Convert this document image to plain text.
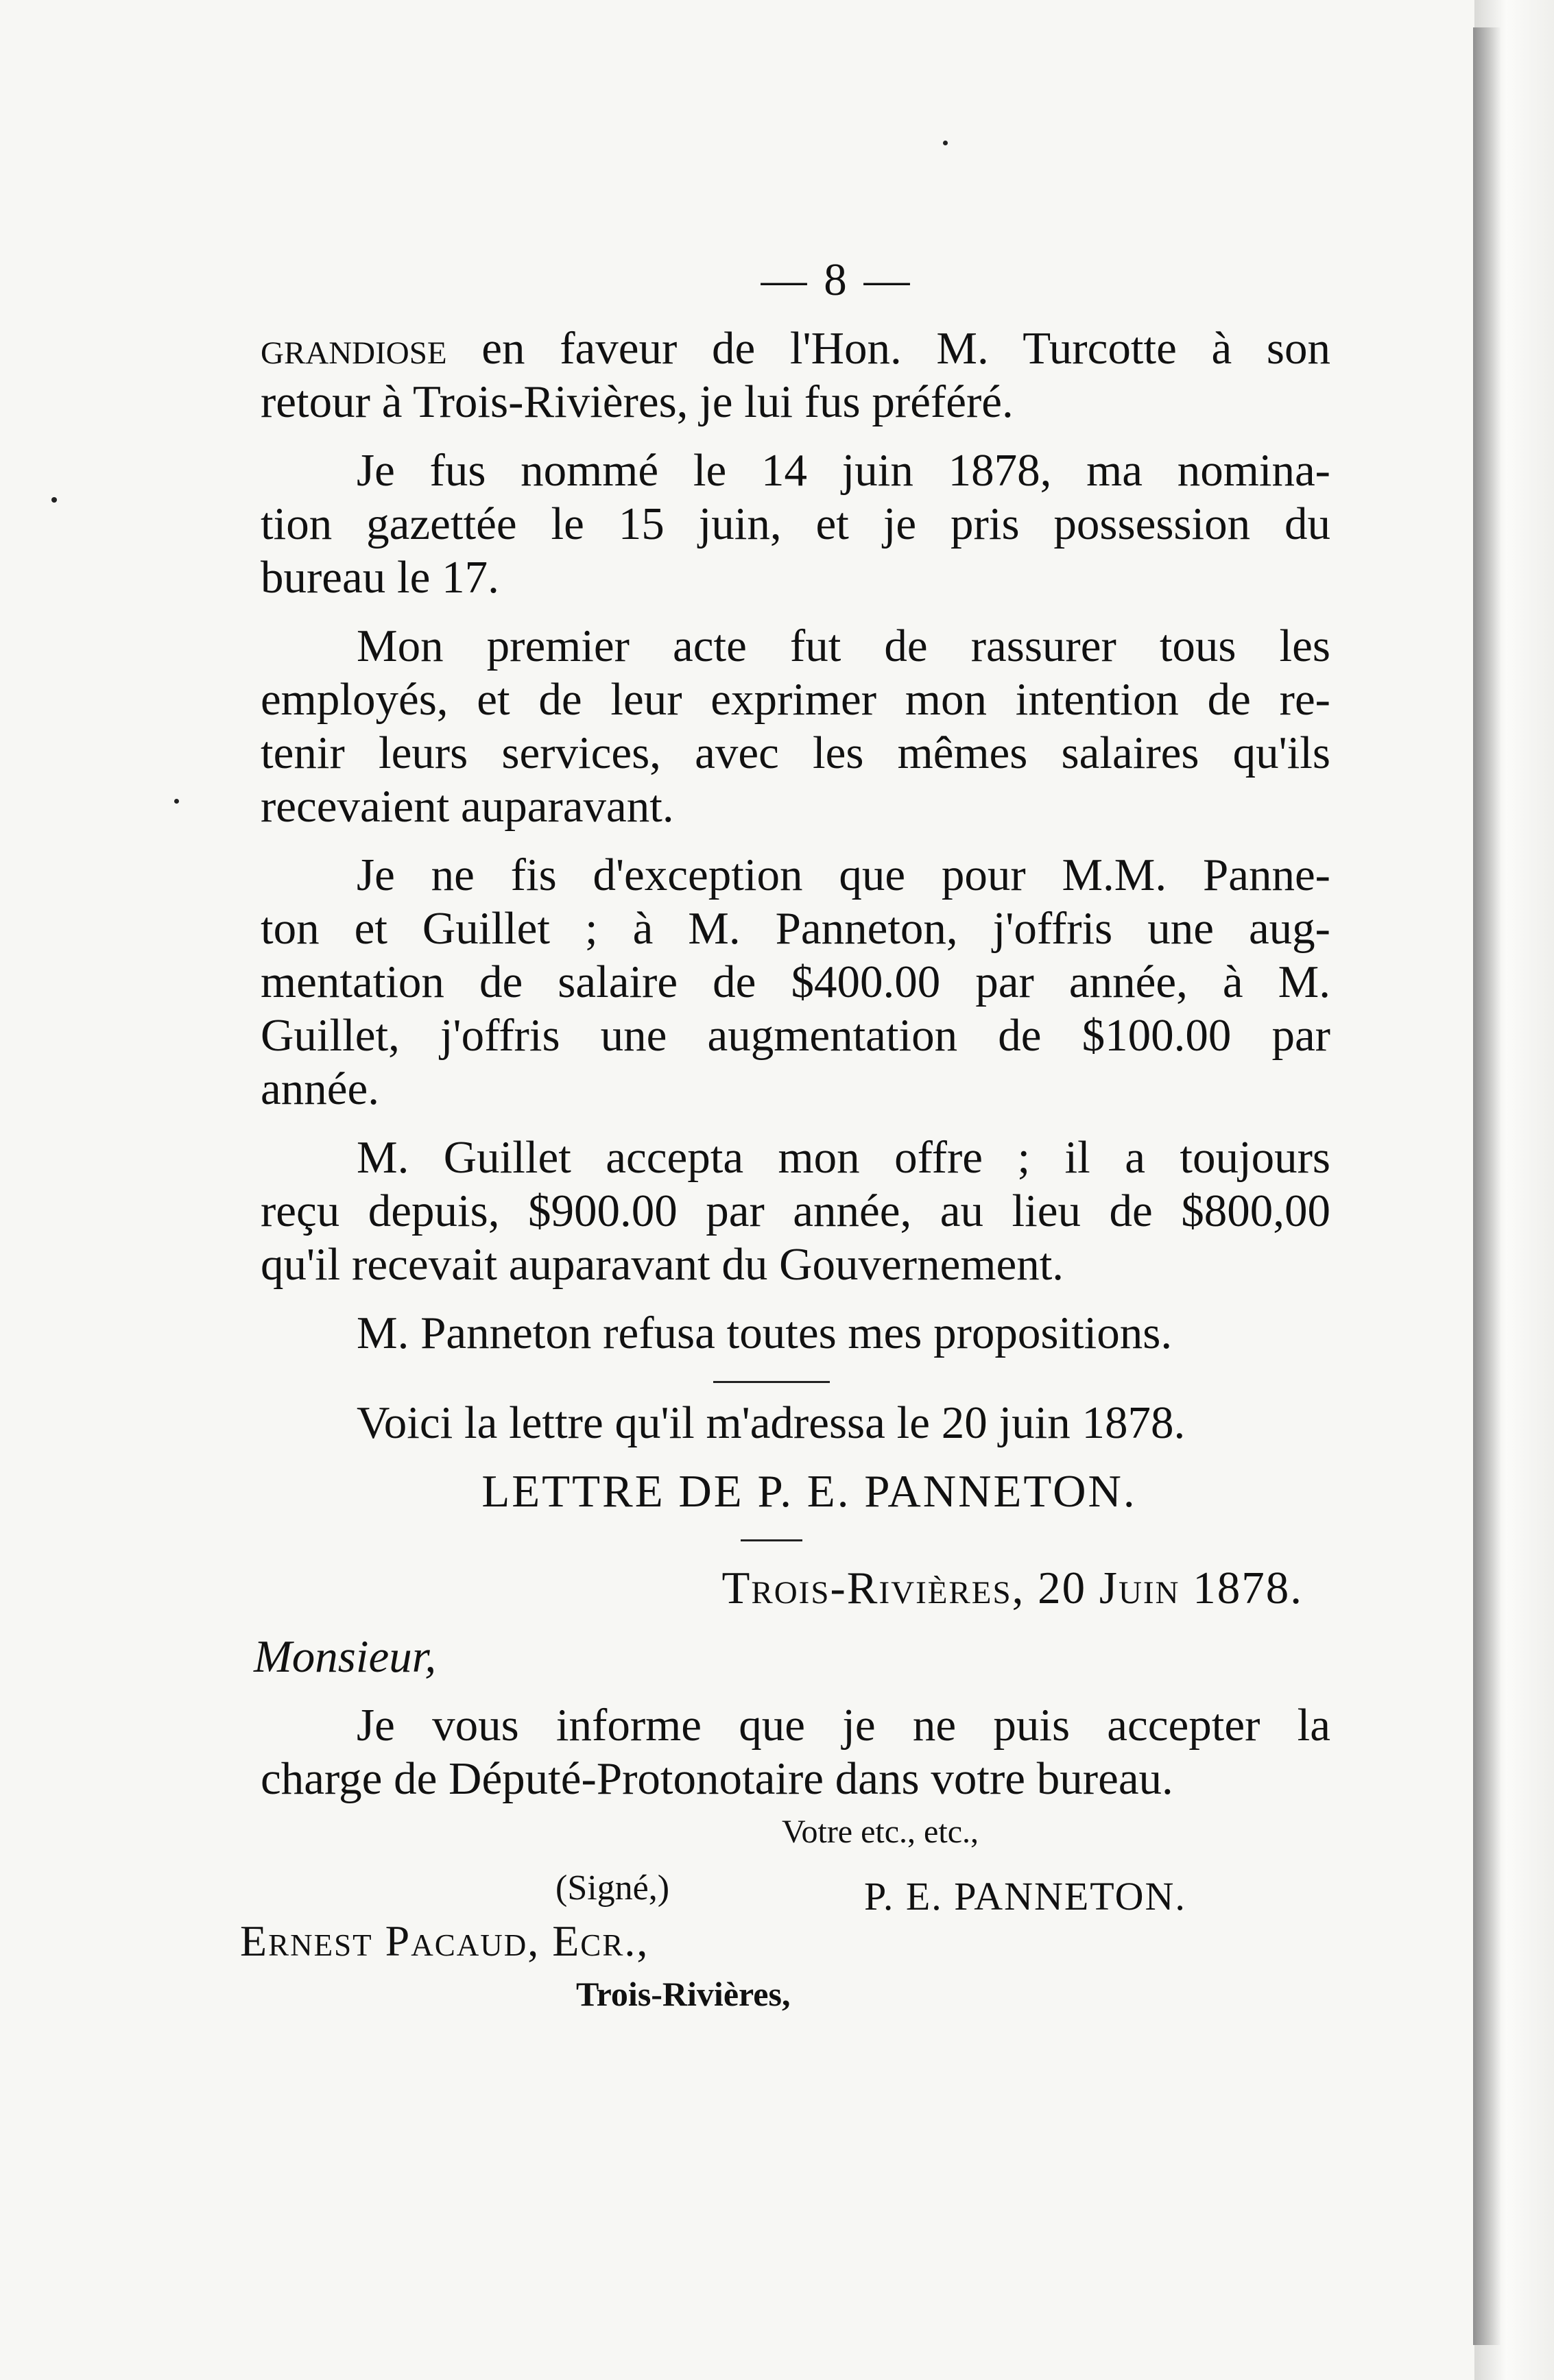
— 8 —
grandiose en faveur de l'Hon. M. Turcotte à son
retour à Trois-Rivières, je lui fus préféré.
Je fus nommé le 14 juin 1878, ma nomina-
tion gazettée le 15 juin, et je pris possession du
bureau le 17.
Mon premier acte fut de rassurer tous les
employés, et de leur exprimer mon intention de re-
tenir leurs services, avec les mêmes salaires qu'ils
recevaient auparavant.
Je ne fis d'exception que pour M.M. Panne-
ton et Guillet ; à M. Panneton, j'offris une aug-
mentation de salaire de $400.00 par année, à M.
Guillet, j'offris une augmentation de $100.00 par
année.
M. Guillet accepta mon offre ; il a toujours
reçu depuis, $900.00 par année, au lieu de $800,00
qu'il recevait auparavant du Gouvernement.
M. Panneton refusa toutes mes propositions.
Voici la lettre qu'il m'adressa le 20 juin 1878.
LETTRE DE P. E. PANNETON.
Trois-Rivières, 20 Juin 1878.
Monsieur,
Je vous informe que je ne puis accepter la
charge de Député-Protonotaire dans votre bureau.
Votre etc., etc.,
(Signé,)	P. E. PANNETON.
Ernest Pacaud, Ecr.,
Trois-Rivières,
